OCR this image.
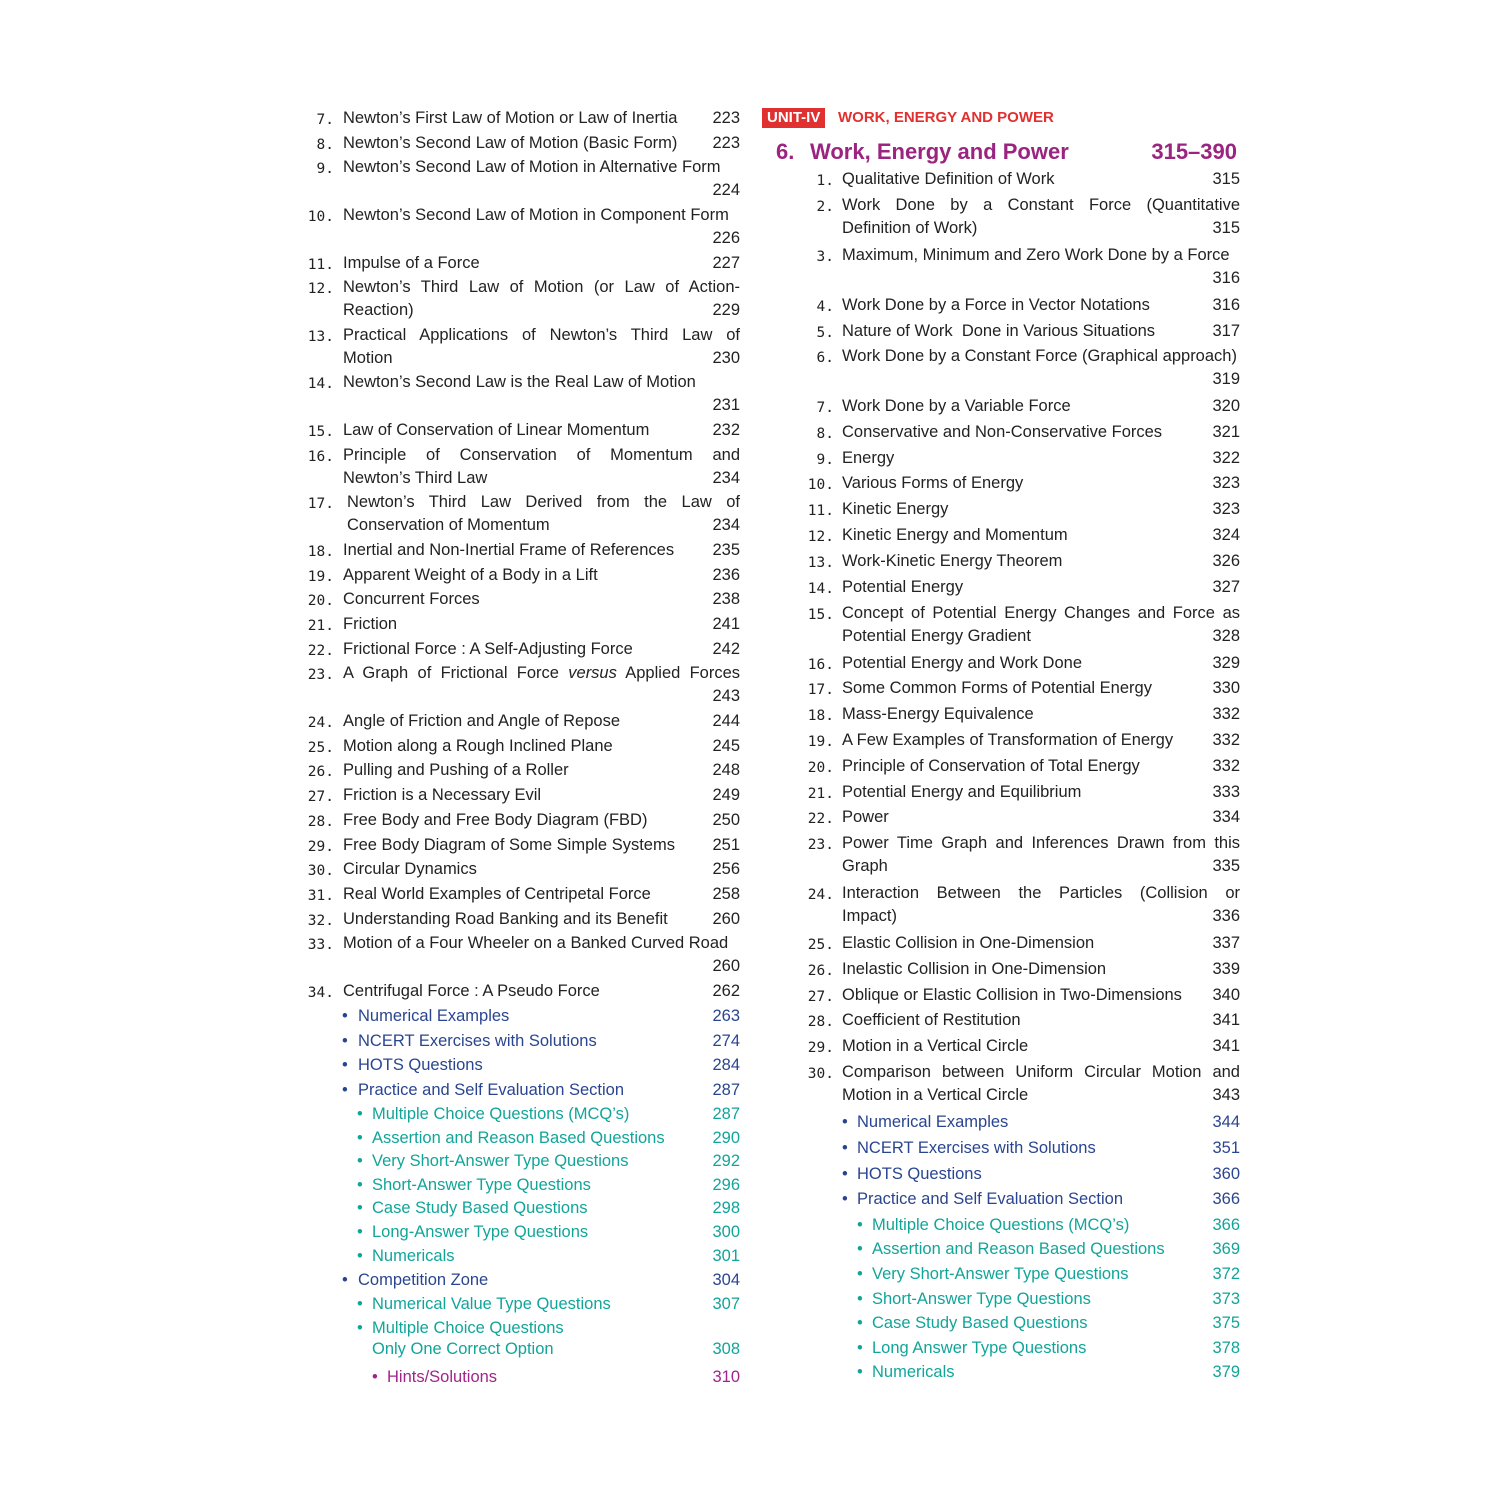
7. Newton’s First Law of Motion or Law of Inertia 223
8. Newton’s Second Law of Motion (Basic Form) 223
9. Newton’s Second Law of Motion in Alternative Form
224
10. Newton’s Second Law of Motion in Component Form
226
11. Impulse of a Force	227
12. Newton’s Third Law of Motion (or Law of Action-
Reaction)	229
13. Practical Applications of Newton’s Third Law of
Motion	230
14. Newton’s Second Law is the Real Law of Motion
231
15. Law of Conservation of Linear Momentum	232
16. Principle of Conservation of Momentum and
Newton’s Third Law	234
17. Newton’s Third Law Derived from the Law of
Conservation of Momentum	234
18. Inertial and Non-Inertial Frame of References	235
19. Apparent Weight of a Body in a Lift	236
20. Concurrent Forces	238
21. Friction	241
22. Frictional Force : A Self-Adjusting Force	242
23. A Graph of Frictional Force versus Applied Forces
243
24. Angle of Friction and Angle of Repose	244
25. Motion along a Rough Inclined Plane	245
26. Pulling and Pushing of a Roller	248
27. Friction is a Necessary Evil	249
28. Free Body and Free Body Diagram (FBD)	250
29. Free Body Diagram of Some Simple Systems	251
30. Circular Dynamics	256
31. Real World Examples of Centripetal Force	258
32. Understanding Road Banking and its Benefit	260
33. Motion of a Four Wheeler on a Banked Curved Road
260
34. Centrifugal Force : A Pseudo Force	262
• Numerical Examples	263
• NCERT Exercises with Solutions	274
• HOTS Questions	284
• Practice and Self Evaluation Section	287
• Multiple Choice Questions (MCQ’s)	287
• Assertion and Reason Based Questions	290
• Very Short-Answer Type Questions	292
• Short-Answer Type Questions	296
• Case Study Based Questions	298
• Long-Answer Type Questions	300
• Numericals	301
• Competition Zone	304
• Numerical Value Type Questions	307
• Multiple Choice Questions
Only One Correct Option	308
• Hints/Solutions	310
UNIT-IV	WORK, ENERGY AND POWER
6. Work, Energy and Power	315–390
1. Qualitative Definition of Work	315
2. Work Done by a Constant Force (Quantitative
Definition of Work)	315
3. Maximum, Minimum and Zero Work Done by a Force
316
4. Work Done by a Force in Vector Notations	316
5. Nature of Work  Done in Various Situations	317
6. Work Done by a Constant Force (Graphical approach)
319
7. Work Done by a Variable Force	320
8. Conservative and Non-Conservative Forces	321
9. Energy	322
10. Various Forms of Energy	323
11. Kinetic Energy	323
12. Kinetic Energy and Momentum	324
13. Work-Kinetic Energy Theorem	326
14. Potential Energy	327
15. Concept of Potential Energy Changes and Force as
Potential Energy Gradient	328
16. Potential Energy and Work Done	329
17. Some Common Forms of Potential Energy	330
18. Mass-Energy Equivalence	332
19. A Few Examples of Transformation of Energy	332
20. Principle of Conservation of Total Energy	332
21. Potential Energy and Equilibrium	333
22. Power	334
23. Power Time Graph and Inferences Drawn from this
Graph	335
24. Interaction Between the Particles (Collision or
Impact)	336
25. Elastic Collision in One-Dimension	337
26. Inelastic Collision in One-Dimension	339
27. Oblique or Elastic Collision in Two-Dimensions	340
28. Coefficient of Restitution	341
29. Motion in a Vertical Circle	341
30. Comparison between Uniform Circular Motion and
Motion in a Vertical Circle	343
• Numerical Examples	344
• NCERT Exercises with Solutions	351
• HOTS Questions	360
• Practice and Self Evaluation Section	366
• Multiple Choice Questions (MCQ’s)	366
• Assertion and Reason Based Questions	369
• Very Short-Answer Type Questions	372
• Short-Answer Type Questions	373
• Case Study Based Questions	375
• Long Answer Type Questions	378
• Numericals	379
